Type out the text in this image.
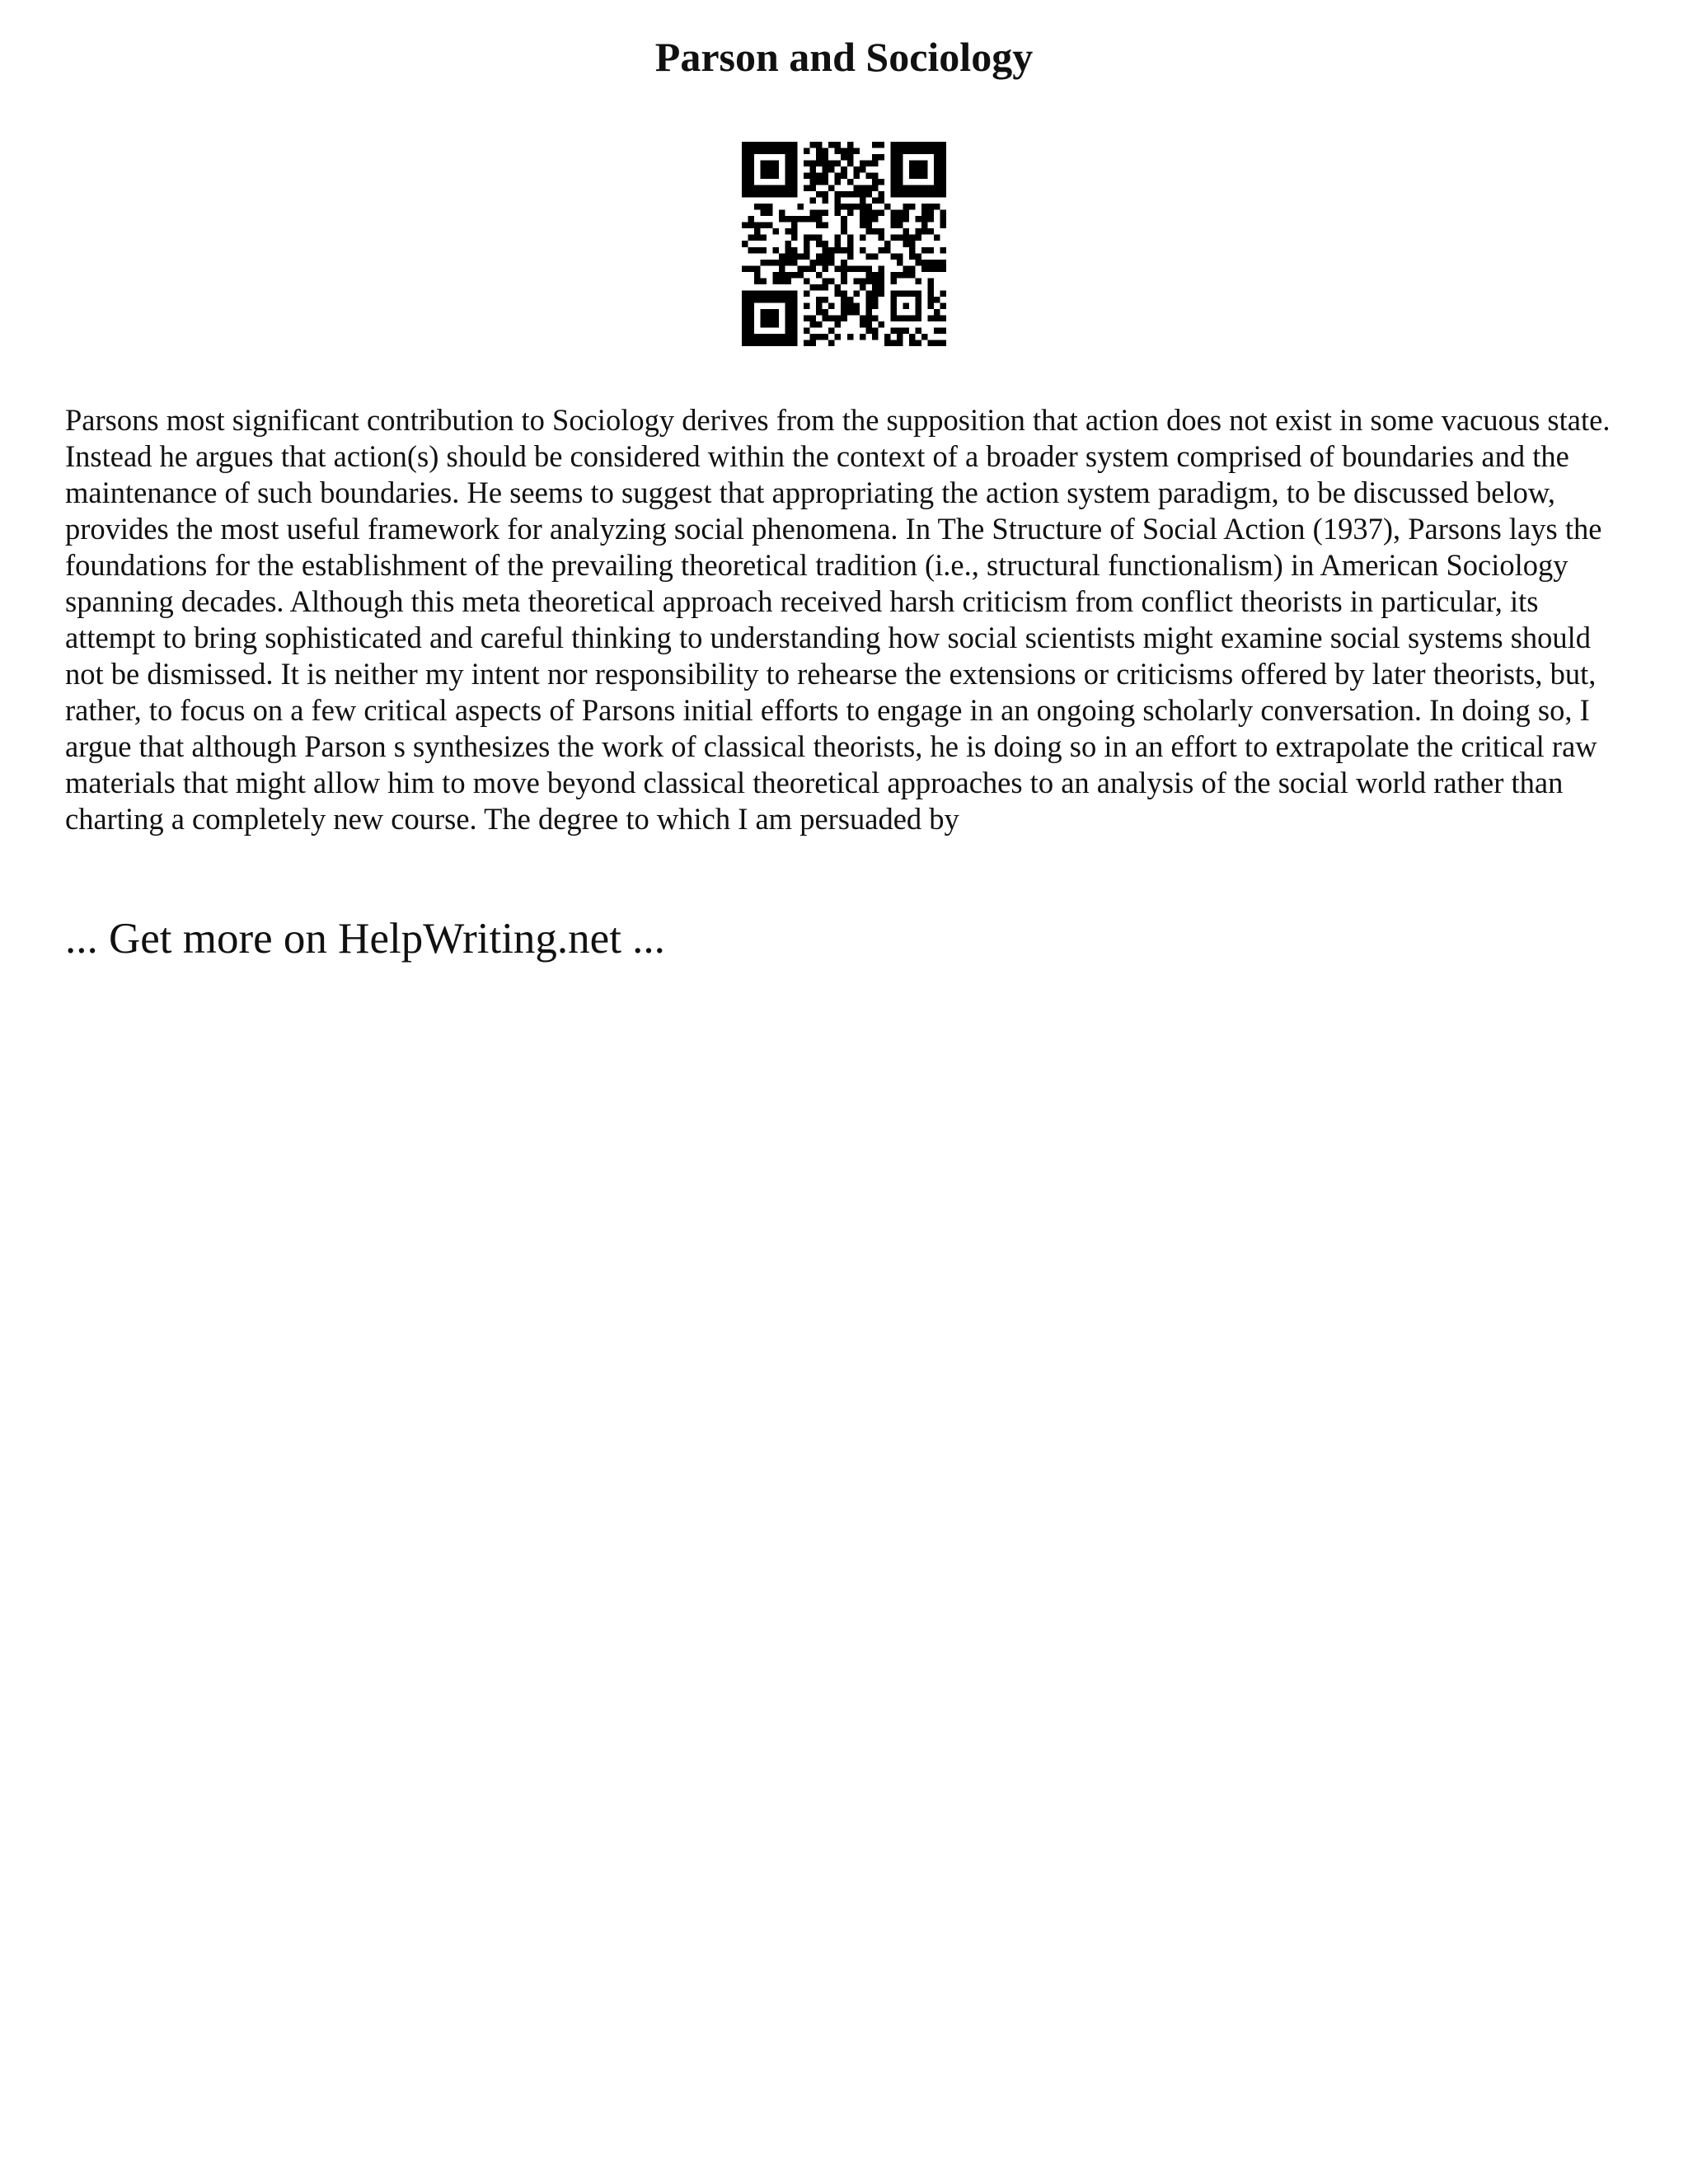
Parson and Sociology

Parsons most significant contribution to Sociology derives from the supposition that action does not exist in some vacuous state. Instead he argues that action(s) should be considered within the context of a broader system comprised of boundaries and the maintenance of such boundaries. He seems to suggest that appropriating the action system paradigm, to be discussed below, provides the most useful framework for analyzing social phenomena. In The Structure of Social Action (1937), Parsons lays the foundations for the establishment of the prevailing theoretical tradition (i.e., structural functionalism) in American Sociology spanning decades. Although this meta theoretical approach received harsh criticism from conflict theorists in particular, its attempt to bring sophisticated and careful thinking to understanding how social scientists might examine social systems should not be dismissed. It is neither my intent nor responsibility to rehearse the extensions or criticisms offered by later theorists, but, rather, to focus on a few critical aspects of Parsons initial efforts to engage in an ongoing scholarly conversation. In doing so, I argue that although Parson s synthesizes the work of classical theorists, he is doing so in an effort to extrapolate the critical raw materials that might allow him to move beyond classical theoretical approaches to an analysis of the social world rather than charting a completely new course. The degree to which I am persuaded by

... Get more on HelpWriting.net ...
